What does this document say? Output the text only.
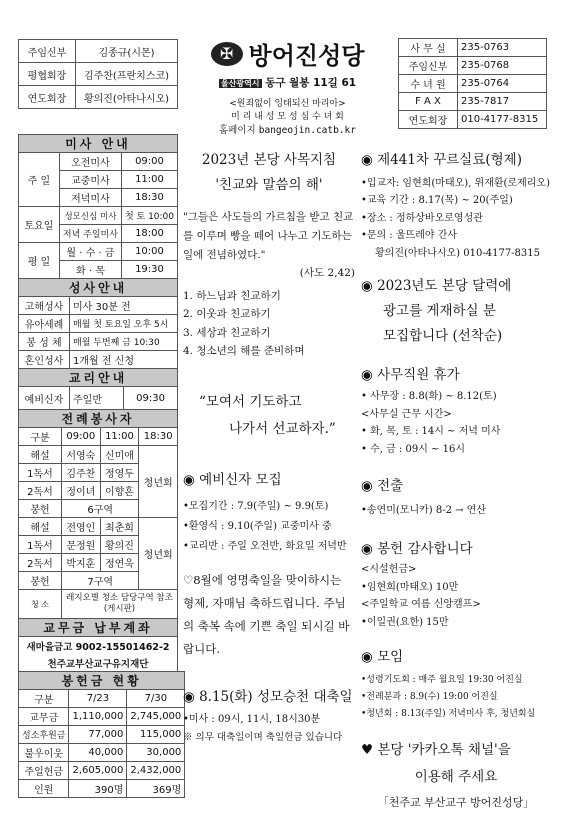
주임신부	김종규(시몬)
평협회장	김주찬(프란치스코)
연도회장	황의진(아타나시오)
✠ 방어진성당
울산광역시 동구 월봉 11길 61
<원죄없이 잉태되신 마리아>
미 리 내 성 모 성 심 수 녀 회
홈페이지 bangeojin.catb.kr
사 무 실	235-0763
주임신부	235-0768
수 녀 원	235-0764
F A X	235-7817
연도회장	010-4177-8315
미사 안내		
주 일	오전미사	09:00
	교중미사	11:00
	저녁미사	18:30
토요일	성모신심 미사	첫 토 10:00
	저녁 주일미사	18:00
평 일	월 · 수 · 금	10:00
	화 · 목	19:30
성사안내	
고해성사	미사 30분 전
유아세례	매월 첫 토요일 오후 5시
봉 성 체	매월 두번째 금 10:30
혼인성사	1개월 전 신청
교리안내
예비신자	주일반	09:30
전례봉사자			
구분	09:00	11:00	18:30
해설	서영숙	신미애	청년회
1독서	김주찬	정영두	
2독서	정이녀	이향흔	
봉헌	6구역		
해설	전영인	최춘희	청년회
1독서	문정원	황의진	
2독서	박지훈	정연욱	
봉헌	7구역		
청 소	레지오별 청소 담당구역 참조
(게시판)		
교무금 납부계좌
새마을금고 9002-15501462-2
천주교부산교구유지재단
봉헌금 현황		
구분	7/23	7/30
교무금	1,110,000	2,745,000
성소후원금	77,000	115,000
불우이웃	40,000	30,000
주일헌금	2,605,000	2,432,000
인원	390명	369명
2023년 본당 사목지침
'친교와 말씀의 해'

"그들은 사도들의 가르침을 받고 친교를 이루며 빵을 떼어 나누고 기도하는 일에 전념하였다."

(사도 2,42)
1. 하느님과 친교하기
2. 이웃과 친교하기
3. 세상과 친교하기
4. 청소년의 해를 준비하며
“모여서 기도하고
나가서 선교하자.”
◉ 예비신자 모집
•모집기간 : 7.9(주일) ~ 9.9(토)
•환영식 : 9.10(주일) 교중미사 중
•교리반 : 주일 오전반, 화요일 저녁반

♡8월에 영명축일을 맞이하시는 형제, 자매님 축하드립니다. 주님의 축복 속에 기쁜 축일 되시길 바랍니다.

◉ 8.15(화) 성모승천 대축일
•미사 : 09시, 11시, 18시30분
※ 의무 대축일이며 축일헌금 있습니다
◉ 제441차 꾸르실료(형제)
•입교자: 임현희(마태오), 위재환(로제리오)
•교육 기간 : 8.17(목) ~ 20(주일)
•장소 : 정하상바오로영성관
•문의 : 울뜨레야 간사
황의진(아타나시오) 010-4177-8315
◉ 2023년도 본당 달력에
광고를 게재하실 분
모집합니다 (선착순)
◉ 사무직원 휴가
• 사무장 : 8.8(화) ~ 8.12(토)
<사무실 근무 시간>
• 화, 목, 토 : 14시 ~ 저녁 미사
• 수, 금 : 09시 ~ 16시
◉ 전출
•송연미(모니카) 8-2 → 연산
◉ 봉헌 감사합니다
<시설헌금>
•임현희(마태오) 10만
<주일학교 여름 신앙캠프>
•이일권(요한) 15만
◉ 모임
•성령기도회 : 매주 월요일 19:30 어진실
•전례분과 : 8.9(수) 19:00 어진실
•청년회 : 8.13(주일) 저녁미사 후, 청년회실
♥ 본당 '카카오톡 채널'을
이용해 주세요
「천주교 부산교구 방어진성당」
